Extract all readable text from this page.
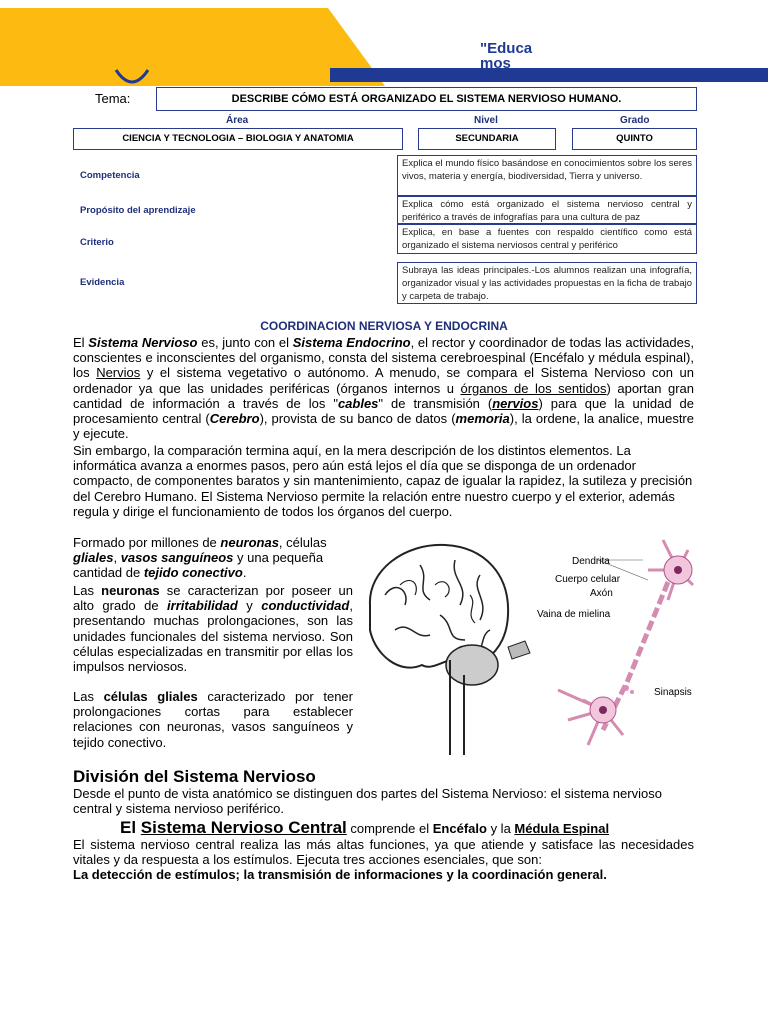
"Educa
mos
Tema:	DESCRIBE CÓMO ESTÁ ORGANIZADO EL SISTEMA NERVIOSO HUMANO.
Área	Nivel	Grado
CIENCIA Y TECNOLOGIA – BIOLOGIA Y ANATOMIA	SECUNDARIA	QUINTO
Competencia
Explica el mundo físico basándose en conocimientos sobre los seres vivos, materia y energía, biodiversidad, Tierra y universo.
Propósito del aprendizaje
Explica cómo está organizado el sistema nervioso central y periférico a través de infografías para una cultura de paz
Criterio
Explica, en base a fuentes con respaldo científico como está organizado el sistema nerviosos central y periférico
Evidencia
Subraya las ideas principales.-Los alumnos realizan una infografía, organizador visual y las actividades propuestas en la ficha de trabajo y carpeta de trabajo.
COORDINACION NERVIOSA Y ENDOCRINA
El Sistema Nervioso es, junto con el Sistema Endocrino, el rector y coordinador de todas las actividades, conscientes e inconscientes del organismo, consta del sistema cerebroespinal (Encéfalo y médula espinal), los Nervios y el sistema vegetativo o autónomo. A menudo, se compara el Sistema Nervioso con un ordenador ya que las unidades periféricas (órganos internos u órganos de los sentidos) aportan gran cantidad de información a través de los "cables" de transmisión (nervios) para que la unidad de procesamiento central (Cerebro), provista de su banco de datos (memoria), la ordene, la analice, muestre y ejecute.
Sin embargo, la comparación termina aquí, en la mera descripción de los distintos elementos. La informática avanza a enormes pasos, pero aún está lejos el día que se disponga de un ordenador compacto, de componentes baratos y sin mantenimiento, capaz de igualar la rapidez, la sutileza y precisión del Cerebro Humano. El Sistema Nervioso permite la relación entre nuestro cuerpo y el exterior, además regula y dirige el funcionamiento de todos los órganos del cuerpo.
Formado por millones de neuronas, células gliales, vasos sanguíneos y una pequeña cantidad de tejido conectivo.
Las neuronas se caracterizan por poseer un alto grado de irritabilidad y conductividad, presentando muchas prolongaciones, son las unidades funcionales del sistema nervioso. Son células especializadas en transmitir por ellas los impulsos nerviosos.
Las células gliales caracterizado por tener prolongaciones cortas para establecer relaciones con neuronas, vasos sanguíneos y tejido conectivo.
Dendrita
Cuerpo celular
Axón
Vaina de mielina
Sinapsis
División del Sistema Nervioso
Desde el punto de vista anatómico se distinguen dos partes del Sistema Nervioso: el sistema nervioso central y sistema nervioso periférico.
El Sistema Nervioso Central comprende el Encéfalo y la Médula Espinal
El sistema nervioso central realiza las más altas funciones, ya que atiende y satisface las necesidades vitales y da respuesta a los estímulos. Ejecuta tres acciones esenciales, que son:
La detección de estímulos; la transmisión de informaciones y la coordinación general.
